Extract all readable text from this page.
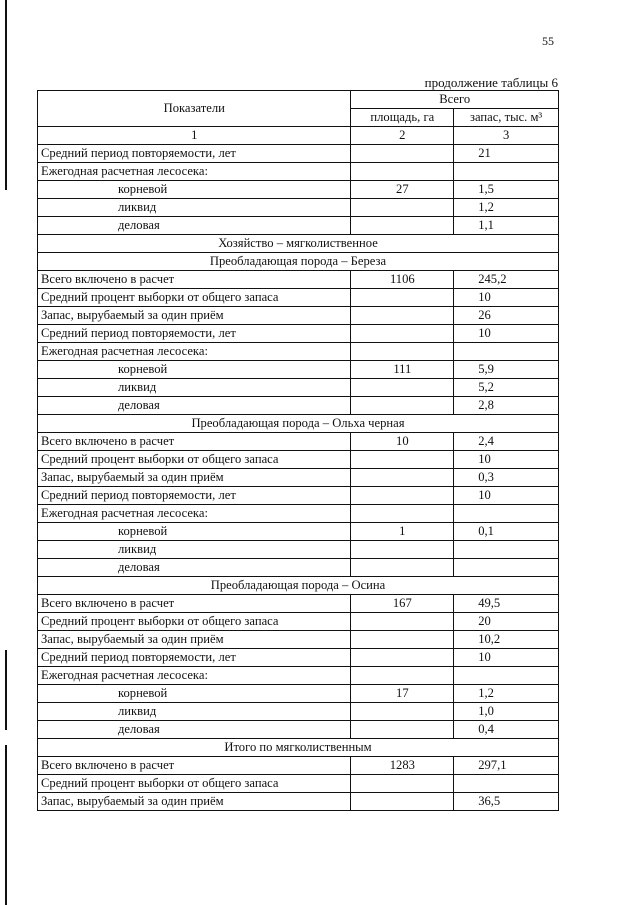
55
продолжение таблицы 6
Показатели	Всего	
	площадь, га	запас, тыс. м³
1	2	3
Средний период повторяемости, лет		21
Ежегодная расчетная лесосека:		
корневой	27	1,5
ликвид		1,2
деловая		1,1
Хозяйство – мягколиственное		
Преобладающая порода – Береза		
Всего включено в расчет	1106	245,2
Средний процент выборки от общего запаса		10
Запас, вырубаемый за один приём		26
Средний период повторяемости, лет		10
Ежегодная расчетная лесосека:		
корневой	111	5,9
ликвид		5,2
деловая		2,8
Преобладающая порода – Ольха черная		
Всего включено в расчет	10	2,4
Средний процент выборки от общего запаса		10
Запас, вырубаемый за один приём		0,3
Средний период повторяемости, лет		10
Ежегодная расчетная лесосека:		
корневой	1	0,1
ликвид		
деловая		
Преобладающая порода – Осина		
Всего включено в расчет	167	49,5
Средний процент выборки от общего запаса		20
Запас, вырубаемый за один приём		10,2
Средний период повторяемости, лет		10
Ежегодная расчетная лесосека:		
корневой	17	1,2
ликвид		1,0
деловая		0,4
Итого по мягколиственным		
Всего включено в расчет	1283	297,1
Средний процент выборки от общего запаса		
Запас, вырубаемый за один приём		36,5
